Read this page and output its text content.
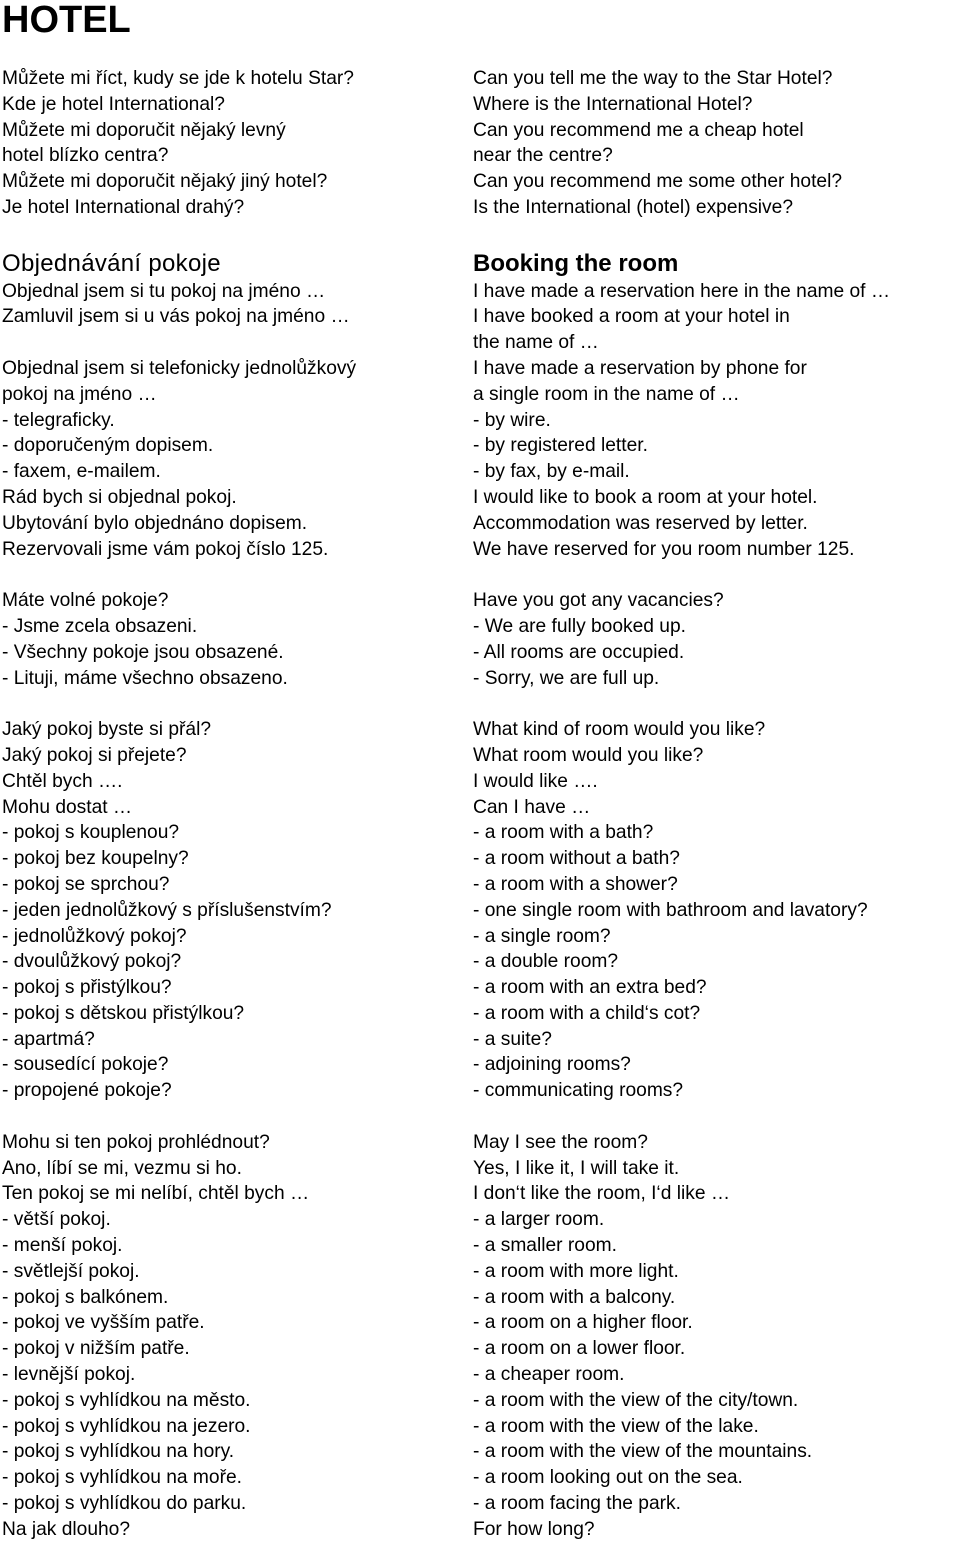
HOTEL
Můžete mi říct, kudy se jde k hotelu Star?	Can you tell me the way to the Star Hotel?
Kde je hotel International?	Where is the International Hotel?
Můžete mi doporučit nějaký levný	Can you recommend me a cheap hotel
hotel blízko centra?	near the centre?
Můžete mi doporučit nějaký jiný hotel?	Can you recommend me some other hotel?
Je hotel International drahý?	Is the International (hotel) expensive?
Objednávání pokoje	Booking the room
Objednal jsem si tu pokoj na jméno …	I have made a reservation here in the name of …
Zamluvil jsem si u vás pokoj na jméno …	I have booked a room at your hotel in
the name of …
Objednal jsem si telefonicky jednolůžkový	I have made a reservation by phone for
pokoj na jméno …	a single room in the name of …
- telegraficky.	- by wire.
- doporučeným dopisem.	- by registered letter.
- faxem, e-mailem.	- by fax, by e-mail.
Rád bych si objednal pokoj.	I would like to book a room at your hotel.
Ubytování bylo objednáno dopisem.	Accommodation was reserved by letter.
Rezervovali jsme vám pokoj číslo 125.	We have reserved for you room number 125.
Máte volné pokoje?	Have you got any vacancies?
- Jsme zcela obsazeni.	- We are fully booked up.
- Všechny pokoje jsou obsazené.	- All rooms are occupied.
- Lituji, máme všechno obsazeno.	- Sorry, we are full up.
Jaký pokoj byste si přál?	What kind of room would you like?
Jaký pokoj si přejete?	What room would you like?
Chtěl bych ….	I would like ….
Mohu dostat …	Can I have …
- pokoj s kouplenou?	- a room with a bath?
- pokoj bez koupelny?	- a room without a bath?
- pokoj se sprchou?	- a room with a shower?
- jeden jednolůžkový s příslušenstvím?	- one single room with bathroom and lavatory?
- jednolůžkový pokoj?	- a single room?
- dvoulůžkový pokoj?	- a double room?
- pokoj s přistýlkou?	- a room with an extra bed?
- pokoj s dětskou přistýlkou?	- a room with a child‘s cot?
- apartmá?	- a suite?
- sousedící pokoje?	- adjoining rooms?
- propojené pokoje?	- communicating rooms?
Mohu si ten pokoj prohlédnout?	May I see the room?
Ano, líbí se mi, vezmu si ho.	Yes, I like it, I will take it.
Ten pokoj se mi nelíbí, chtěl bych …	I don‘t like the room, I‘d like …
- větší pokoj.	- a larger room.
- menší pokoj.	- a smaller room.
- světlejší pokoj.	- a room with more light.
- pokoj s balkónem.	- a room with a balcony.
- pokoj ve vyšším patře.	- a room on a higher floor.
- pokoj v nižším patře.	- a room on a lower floor.
- levnější pokoj.	- a cheaper room.
- pokoj s vyhlídkou na město.	- a room with the view of the city/town.
- pokoj s vyhlídkou na jezero.	- a room with the view of the lake.
- pokoj s vyhlídkou na hory.	- a room with the view of the mountains.
- pokoj s vyhlídkou na moře.	- a room looking out on the sea.
- pokoj s vyhlídkou do parku.	- a room facing the park.
Na jak dlouho?	For how long?
